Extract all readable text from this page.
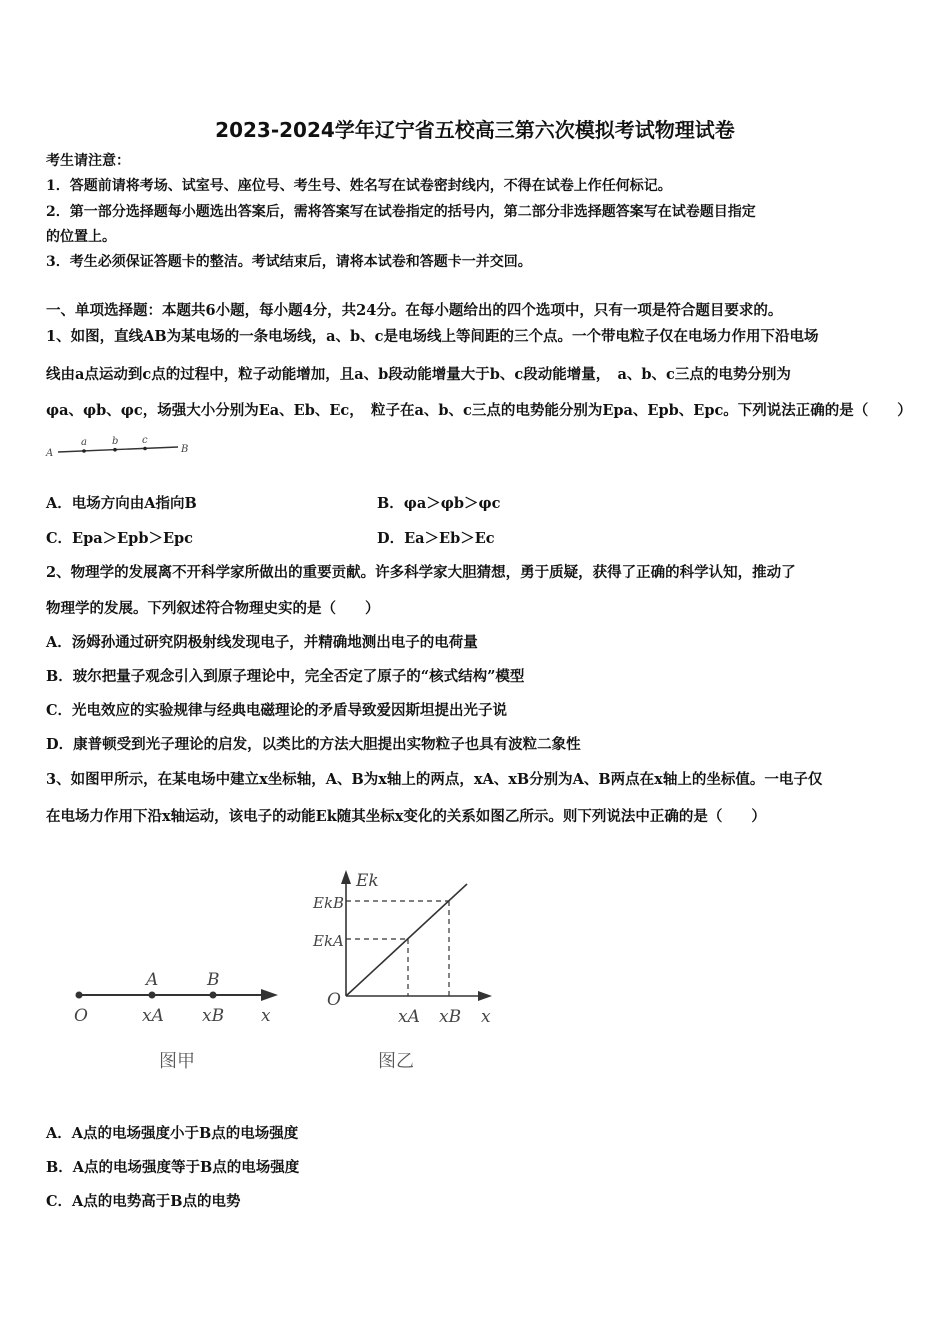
2023-2024学年辽宁省五校高三第六次模拟考试物理试卷
考生请注意：
1．答题前请将考场、试室号、座位号、考生号、姓名写在试卷密封线内，不得在试卷上作任何标记。
2．第一部分选择题每小题选出答案后，需将答案写在试卷指定的括号内，第二部分非选择题答案写在试卷题目指定
的位置上。
3．考生必须保证答题卡的整洁。考试结束后，请将本试卷和答题卡一并交回。
一、单项选择题：本题共6小题，每小题4分，共24分。在每小题给出的四个选项中，只有一项是符合题目要求的。
1、如图，直线AB为某电场的一条电场线，a、b、c是电场线上等间距的三个点。一个带电粒子仅在电场力作用下沿电场
线由a点运动到c点的过程中，粒子动能增加，且a、b段动能增量大于b、c段动能增量，　a、b、c三点的电势分别为
φa、φb、φc，场强大小分别为Ea、Eb、Ec，　粒子在a、b、c三点的电势能分别为Epa、Epb、Epc。下列说法正确的是（　　）
A
a	b c
B
A．电场方向由A指向B	B．φa＞φb＞φc
C．Epa＞Epb＞Epc	D．Ea＞Eb＞Ec
2、物理学的发展离不开科学家所做出的重要贡献。许多科学家大胆猜想，勇于质疑，获得了正确的科学认知，推动了
物理学的发展。下列叙述符合物理史实的是（　　）
A．汤姆孙通过研究阴极射线发现电子，并精确地测出电子的电荷量
B．玻尔把量子观念引入到原子理论中，完全否定了原子的“核式结构”模型
C．光电效应的实验规律与经典电磁理论的矛盾导致爱因斯坦提出光子说
D．康普顿受到光子理论的启发，以类比的方法大胆提出实物粒子也具有波粒二象性
3、如图甲所示，在某电场中建立x坐标轴，A、B为x轴上的两点，xA、xB分别为A、B两点在x轴上的坐标值。一电子仅
在电场力作用下沿x轴运动，该电子的动能Ek随其坐标x变化的关系如图乙所示。则下列说法中正确的是（　　）
A	B
O	xA xB x
图甲
Ek
EkB
EkA
O
xA xB x
图乙
A．A点的电场强度小于B点的电场强度
B．A点的电场强度等于B点的电场强度
C．A点的电势高于B点的电势
